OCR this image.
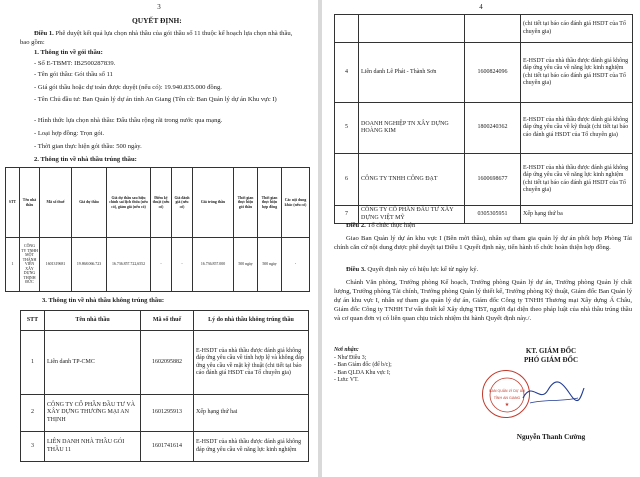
3
QUYẾT ĐỊNH:
Điều 1. Phê duyệt kết quả lựa chọn nhà thầu của gói thầu số 11 thuộc kế hoạch lựa chọn nhà thầu, bao gồm:
1. Thông tin về gói thầu:
- Số E-TBMT: IB2500287839.
- Tên gói thầu: Gói thầu số 11
- Giá gói thầu hoặc dự toán được duyệt (nếu có): 19.940.835.000 đồng.
- Tên Chủ đầu tư: Ban Quản lý dự án tỉnh An Giang (Tên cũ: Ban Quản lý dự án Khu vực I)
- Hình thức lựa chọn nhà thầu: Đấu thầu rộng rãi trong nước qua mạng.
- Loại hợp đồng: Trọn gói.
- Thời gian thực hiện gói thầu: 500 ngày.
2. Thông tin về nhà thầu trúng thầu:
STT	Tên nhà thầu	Mã số thuế	Giá dự thầu	Giá dự thầu sau hiệu chỉnh sai lệch thừa (nếu có), giảm giá (nếu có)	Điểm kỹ thuật (nếu có)	Giá đánh giá (nếu có)	Giá trúng thầu	Thời gian thực hiện gói thầu	Thời gian thực hiện hợp đồng	Các nội dung khác (nếu có)
1	CÔNG TY TNHH MỘT THÀNH VIÊN XÂY DỰNG THỊNH ĐỨC	1601319681	19.868.066.723	16.736.857.722,6552	-	-	16.736.857.000	500 ngày	500 ngày	-
3. Thông tin về nhà thầu không trúng thầu:
STT	Tên nhà thầu	Mã số thuế	Lý do nhà thầu không trúng thầu
1	Liên danh TP-CMC	1602095882	E-HSDT của nhà thầu được đánh giá không đáp ứng yêu cầu về tính hợp lệ và không đáp ứng yêu cầu về mặt kỹ thuật (chi tiết tại báo cáo đánh giá HSDT của Tổ chuyên gia)
2	CÔNG TY CỔ PHẦN ĐẦU TƯ VÀ XÂY DỰNG THƯƠNG MẠI AN THỊNH	1601295913	Xếp hạng thứ hai
3	LIÊN DANH NHÀ THẦU GÓI THẦU 11	1601741614	E-HSDT của nhà thầu được đánh giá không đáp ứng yêu cầu về năng lực kinh nghiệm
4
			(chi tiết tại báo cáo đánh giá HSDT của Tổ chuyên gia)
4	Liên danh Lê Phát - Thành Sơn	1600824096	E-HSDT của nhà thầu được đánh giá không đáp ứng yêu cầu về năng lực kinh nghiệm (chi tiết tại báo cáo đánh giá HSDT của Tổ chuyên gia)
5	DOANH NGHIỆP TN XÂY DỰNG HOÀNG KIM	1800240362	E-HSDT của nhà thầu được đánh giá không đáp ứng yêu cầu về kỹ thuật (chi tiết tại báo cáo đánh giá HSDT của Tổ chuyên gia)
6	CÔNG TY TNHH CÔNG ĐẠT	1600698677	E-HSDT của nhà thầu được đánh giá không đáp ứng yêu cầu về năng lực kinh nghiệm (chi tiết tại báo cáo đánh giá HSDT của Tổ chuyên gia)
7	CÔNG TY CỔ PHẦN ĐẦU TƯ XÂY DỰNG VIỆT MỸ	0305305951	Xếp hạng thứ ba
Điều 2. Tổ chức thực hiện
Giao Ban Quản lý dự án khu vực I (Bên mời thầu), nhân sự tham gia quản lý dự án phối hợp Phòng Tài chính căn cứ nội dung được phê duyệt tại Điều 1 Quyết định này, tiến hành tổ chức hoàn thiện hợp đồng.
Điều 3. Quyết định này có hiệu lực kể từ ngày ký.
Chánh Văn phòng, Trưởng phòng Kế hoạch, Trưởng phòng Quản lý dự án, Trưởng phòng Quản lý chất lượng, Trưởng phòng Tài chính, Trưởng phòng Quản lý thiết kế, Trưởng phòng Kỹ thuật, Giám đốc Ban Quản lý dự án khu vực I, nhân sự tham gia quản lý dự án, Giám đốc Công ty TNHH Thương mại Xây dựng Á Châu, Giám đốc Công ty TNHH Tư vấn thiết kế Xây dựng TBT, người đại diện theo pháp luật của nhà thầu trúng thầu và cơ quan đơn vị có liên quan chịu trách nhiệm thi hành Quyết định này./.
Nơi nhận:
- Như Điều 3;
- Ban Giám đốc (để b/c);
- Ban QLDA Khu vực I;
- Lưu: VT.
KT. GIÁM ĐỐC
PHÓ GIÁM ĐỐC
BAN QUẢN LÝ DỰ ÁN
TỈNH AN GIANG
★
Nguyễn Thanh Cường
